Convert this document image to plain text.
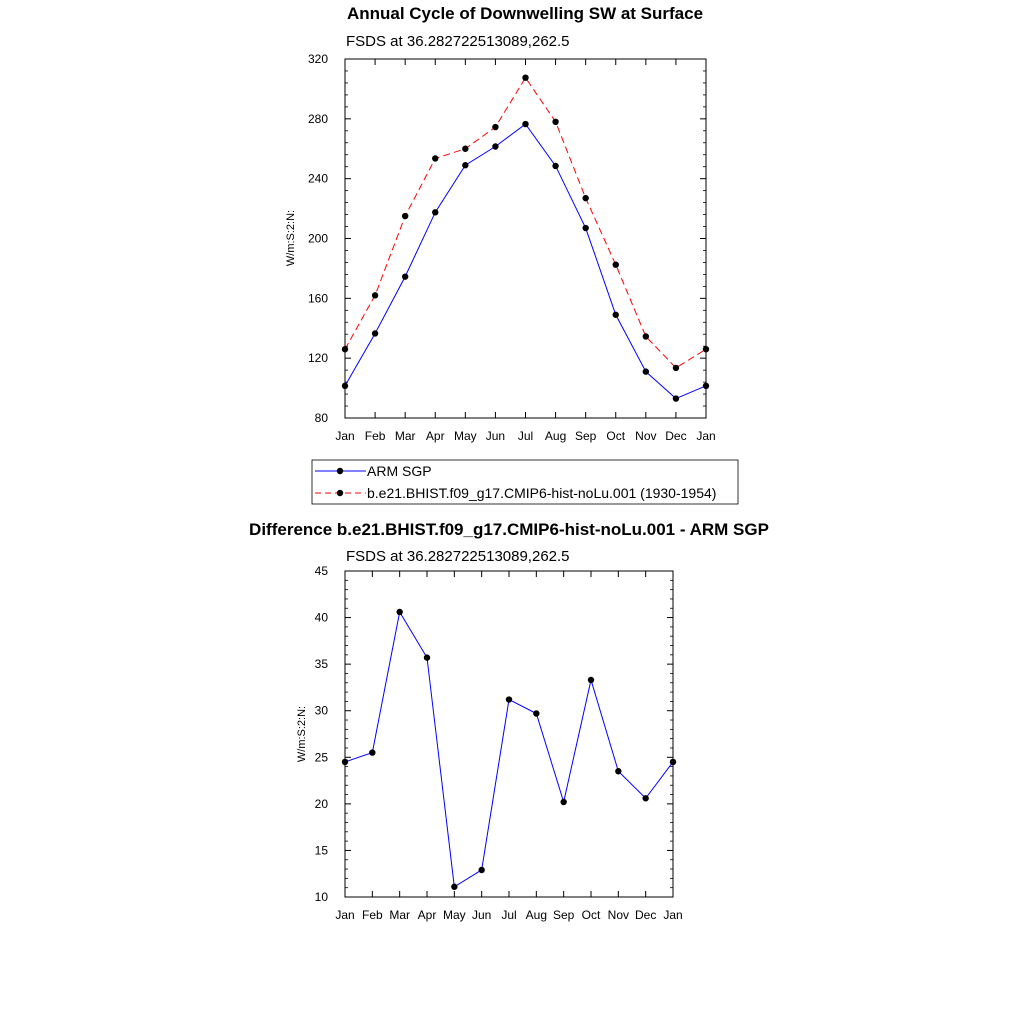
Annual Cycle of Downwelling SW at Surface
FSDS at 36.282722513089,262.5
W/m:S:2:N:
Jan Feb Mar Apr May Jun Jul Aug Sep Oct Nov Dec Jan
80
120
160
200
240
280
320
ARM SGP
b.e21.BHIST.f09_g17.CMIP6-hist-noLu.001 (1930-1954)
Difference b.e21.BHIST.f09_g17.CMIP6-hist-noLu.001 - ARM SGP
FSDS at 36.282722513089,262.5
W/m:S:2:N:
Jan Feb Mar Apr May Jun Jul Aug Sep Oct Nov Dec Jan
10
15
20
25
30
35
40
45
